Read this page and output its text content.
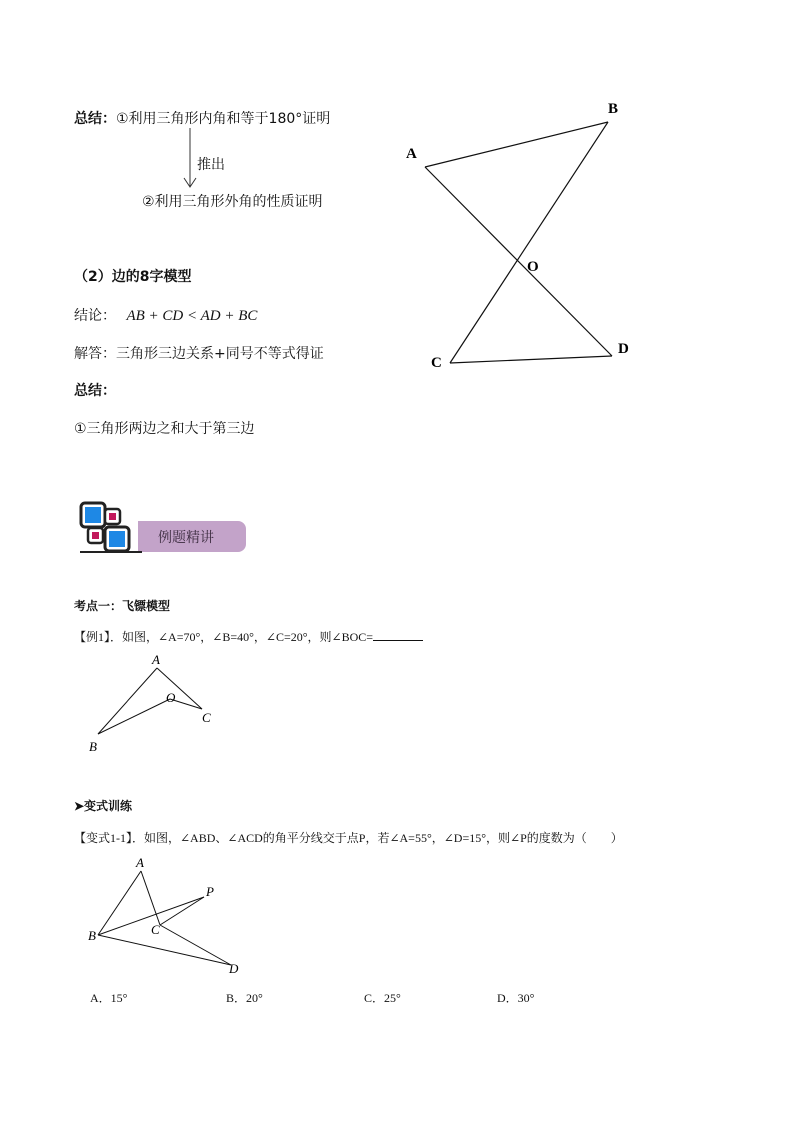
总结：①利用三角形内角和等于180°证明
推出
②利用三角形外角的性质证明
A
B
O
C
D
（2）边的8字模型
结论： AB + CD < AD + BC
解答：三角形三边关系+同号不等式得证
总结：
①三角形两边之和大于第三边
例题精讲
考点一：飞镖模型
【例1】．如图，∠A=70°，∠B=40°，∠C=20°，则∠BOC=
A
O
B
C
➤变式训练
【变式1-1】．如图，∠ABD、∠ACD的角平分线交于点P，若∠A=55°，∠D=15°，则∠P的度数为（　　）
A
P
B	C
D
A．15°	B．20°	C．25°	D．30°
